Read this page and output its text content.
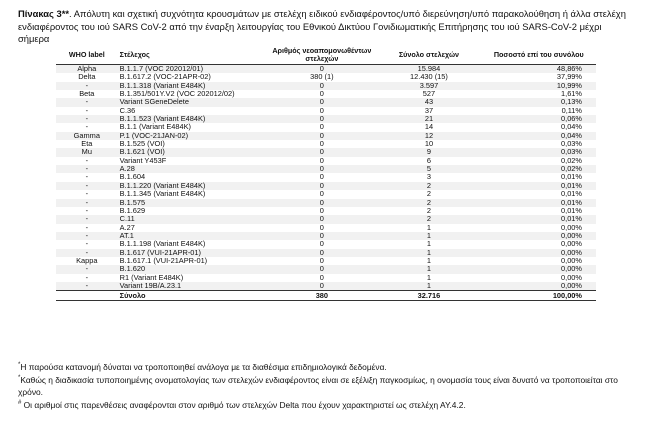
Πίνακας 3**. Απόλυτη και σχετική συχνότητα κρουσμάτων με στελέχη ειδικού ενδιαφέροντος/υπό διερεύνηση/υπό παρακολούθηση ή άλλα στελέχη ενδιαφέροντος του ιού SARS CoV-2 από την έναρξη λειτουργίας του Εθνικού Δικτύου Γονιδιωματικής Επιτήρησης του ιού SARS-CoV-2 μέχρι σήμερα
WHO label	Στέλεχος	Αριθμός νεοαπομονωθέντων στελεχών	Σύνολο στελεχών	Ποσοστό επί του συνόλου
Alpha	B.1.1.7 (VOC 202012/01)	0	15.984	48,86%
Delta	B.1.617.2 (VOC-21APR-02)	380 (1)	12.430 (15)	37,99%
-	B.1.1.318 (Variant E484K)	0	3.597	10,99%
Beta	B.1.351/501Y.V2 (VOC 202012/02)	0	527	1,61%
-	Variant SGeneDelete	0	43	0,13%
-	C.36	0	37	0,11%
-	B.1.1.523 (Variant E484K)	0	21	0,06%
-	B.1.1 (Variant E484K)	0	14	0,04%
Gamma	P.1 (VOC-21JAN-02)	0	12	0,04%
Eta	B.1.525 (VOI)	0	10	0,03%
Mu	B.1.621 (VOI)	0	9	0,03%
-	Variant Y453F	0	6	0,02%
-	A.28	0	5	0,02%
-	B.1.604	0	3	0,01%
-	B.1.1.220 (Variant E484K)	0	2	0,01%
-	B.1.1.345 (Variant E484K)	0	2	0,01%
-	B.1.575	0	2	0,01%
-	B.1.629	0	2	0,01%
-	C.11	0	2	0,01%
-	A.27	0	1	0,00%
-	AT.1	0	1	0,00%
-	B.1.1.198 (Variant E484K)	0	1	0,00%
-	B.1.617 (VUI-21APR-01)	0	1	0,00%
Kappa	B.1.617.1 (VUI-21APR-01)	0	1	0,00%
-	B.1.620	0	1	0,00%
-	R1 (Variant E484K)	0	1	0,00%
-	Variant 19B/A.23.1	0	1	0,00%
	Σύνολο	380	32.716	100,00%
*Η παρούσα κατανομή δύναται να τροποποιηθεί ανάλογα με τα διαθέσιμα επιδημιολογικά δεδομένα.
*Καθώς η διαδικασία τυποποιημένης ονοματολογίας των στελεχών ενδιαφέροντος είναι σε εξέλιξη παγκοσμίως, η ονομασία τους είναι δυνατό να τροποποιείται στο χρόνο.
# Οι αριθμοί στις παρενθέσεις αναφέρονται στον αριθμό των στελεχών Delta που έχουν χαρακτηριστεί ως στελέχη ΑΥ.4.2.
